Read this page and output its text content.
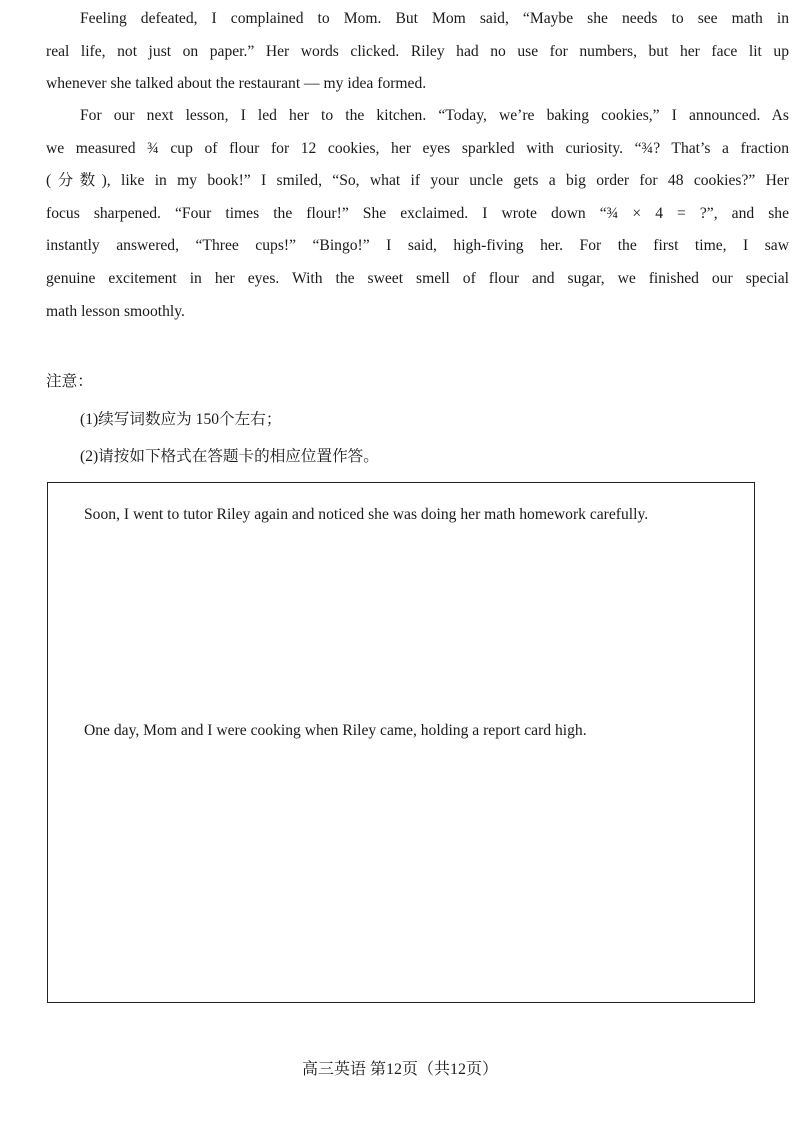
Feeling defeated, I complained to Mom. But Mom said, “Maybe she needs to see math in
real life, not just on paper.” Her words clicked. Riley had no use for numbers, but her face lit up
whenever she talked about the restaurant — my idea formed.
For our next lesson, I led her to the kitchen. “Today, we’re baking cookies,” I announced. As
we measured ¾ cup of flour for 12 cookies, her eyes sparkled with curiosity. “¾? That’s a fraction
(分数), like in my book!” I smiled, “So, what if your uncle gets a big order for 48 cookies?” Her
focus sharpened. “Four times the flour!” She exclaimed. I wrote down “¾ × 4 = ?”, and she
instantly answered, “Three cups!” “Bingo!” I said, high-fiving her. For the first time, I saw
genuine excitement in her eyes. With the sweet smell of flour and sugar, we finished our special
math lesson smoothly.
注意：
(1)续写词数应为 150个左右；
(2)请按如下格式在答题卡的相应位置作答。
Soon, I went to tutor Riley again and noticed she was doing her math homework carefully.
One day, Mom and I were cooking when Riley came, holding a report card high.
高三英语 第12页（共12页）
